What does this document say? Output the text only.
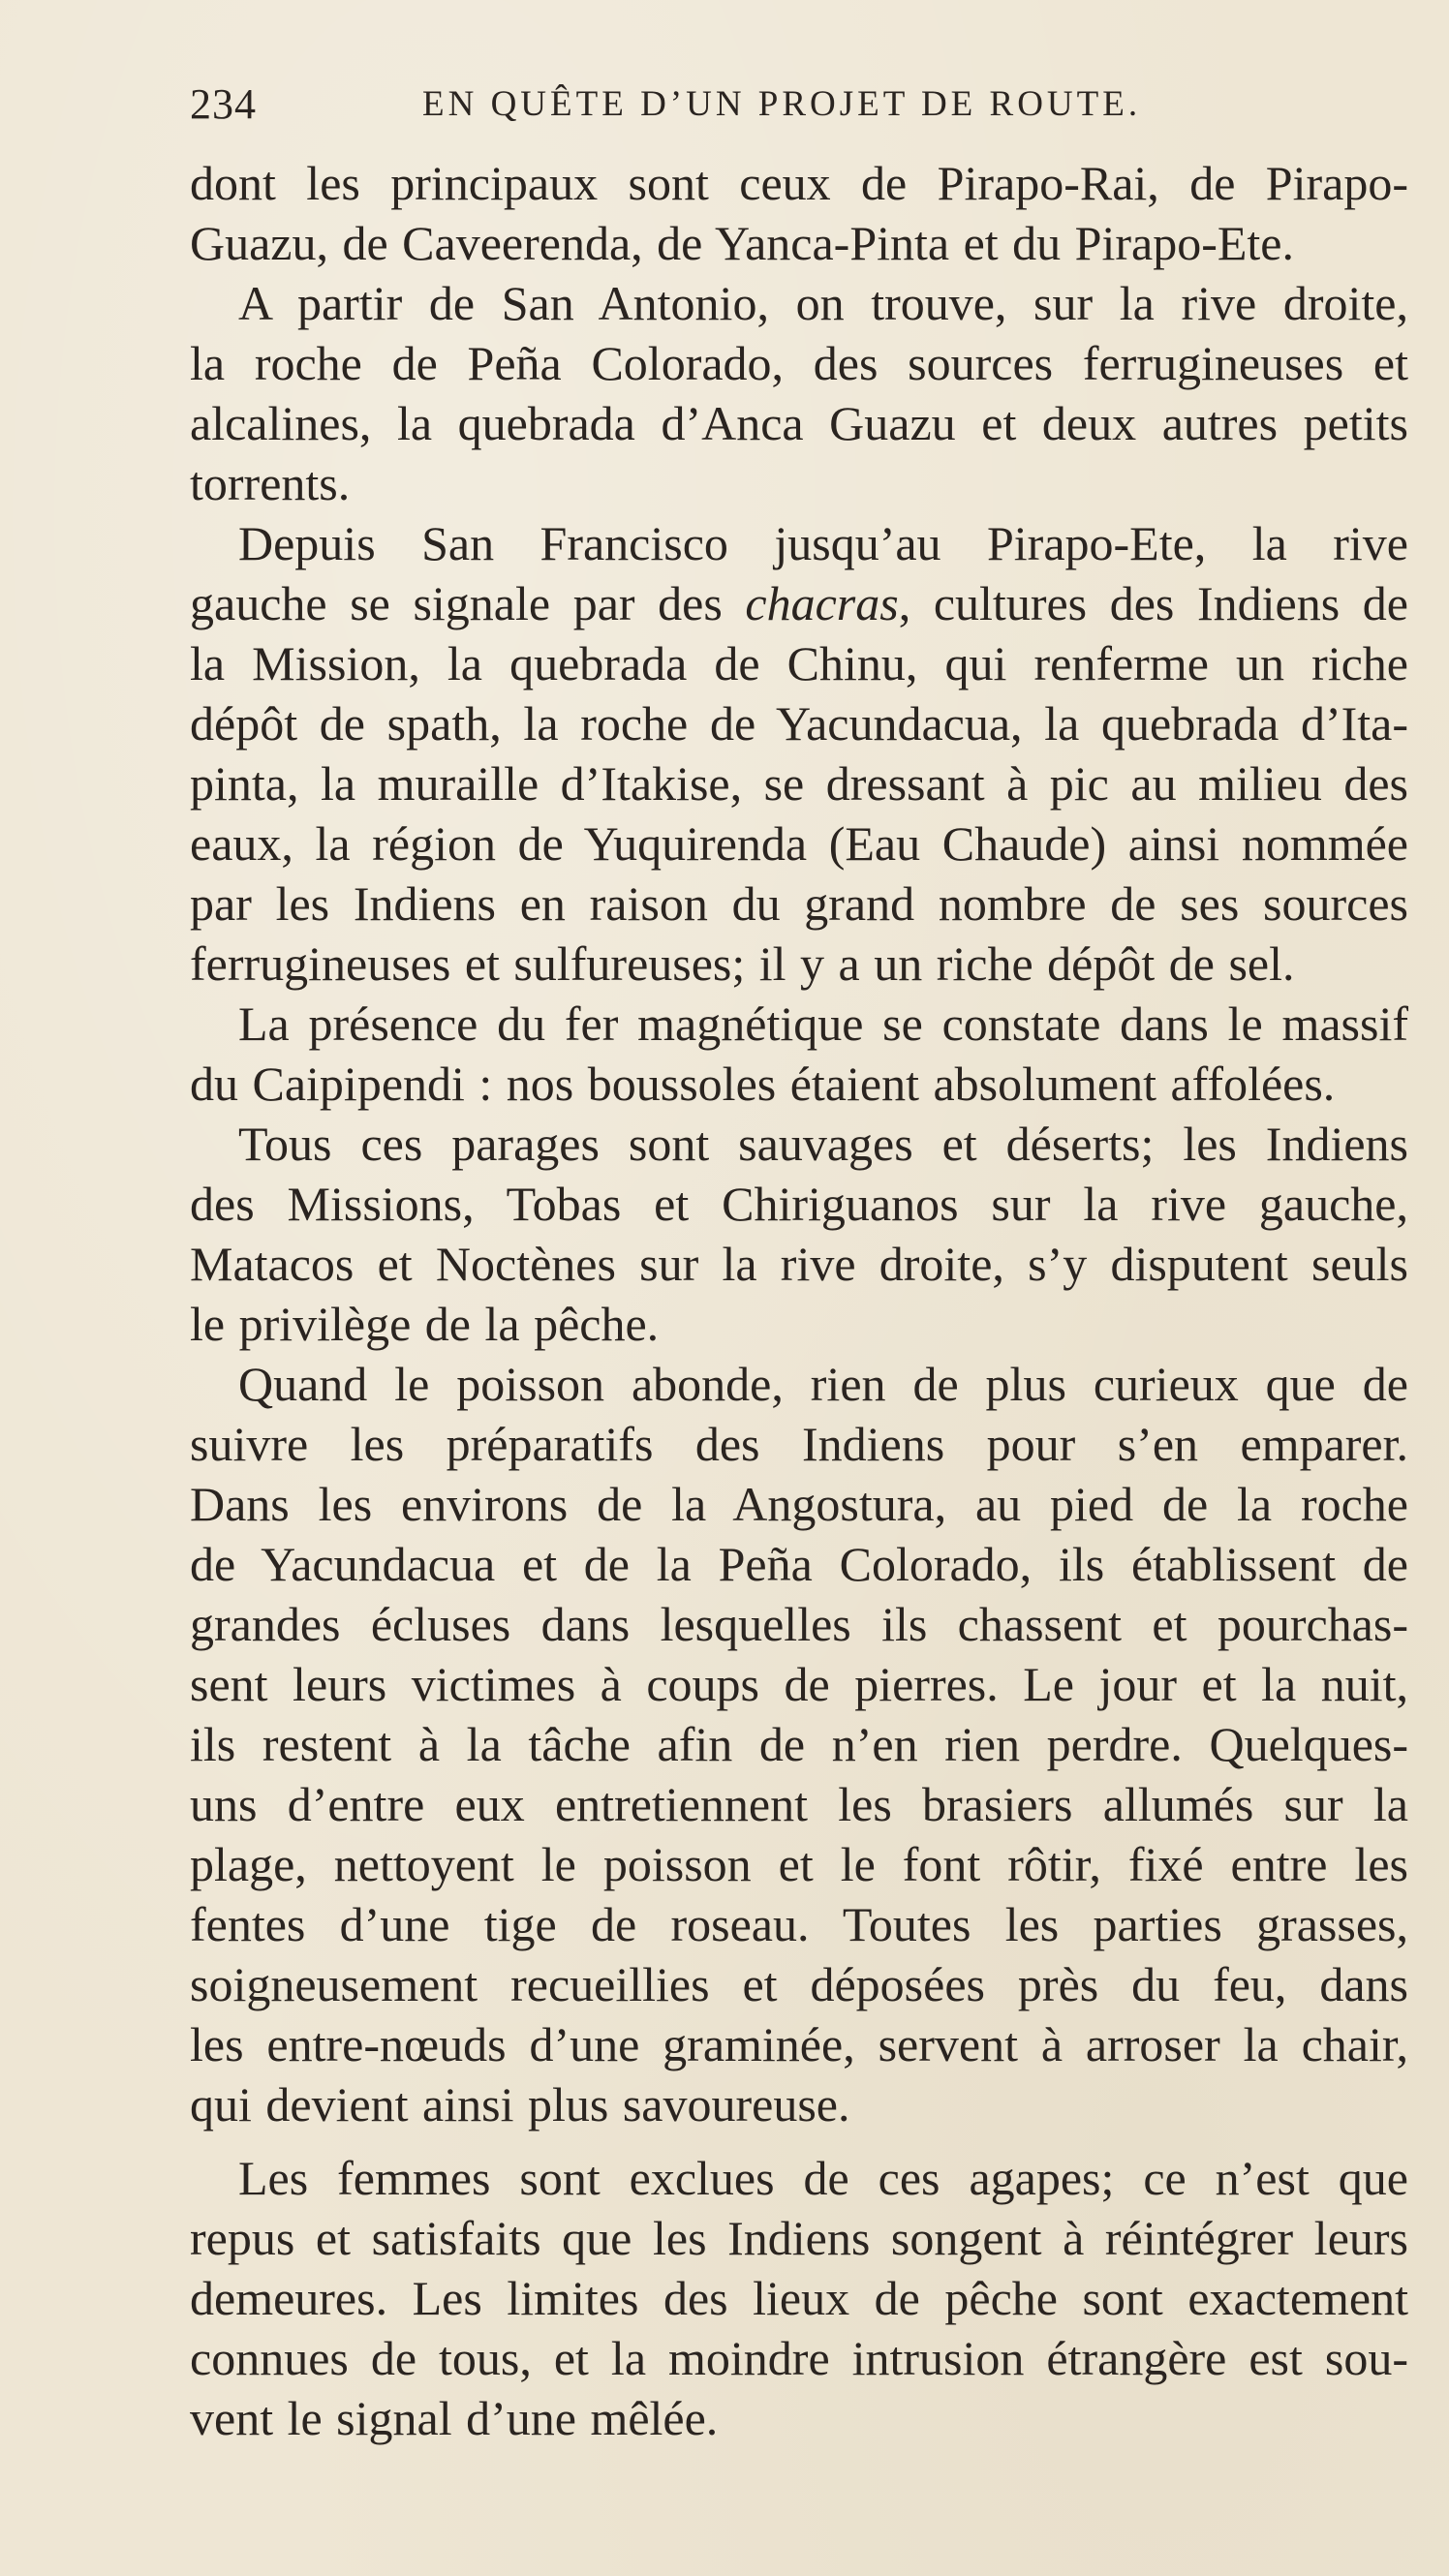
234	EN QUÊTE D’UN PROJET DE ROUTE.
dont les principaux sont ceux de Pirapo-Rai, de Pirapo-
Guazu, de Caveerenda, de Yanca-Pinta et du Pirapo-Ete.
A partir de San Antonio, on trouve, sur la rive droite,
la roche de Peña Colorado, des sources ferrugineuses et
alcalines, la quebrada d’Anca Guazu et deux autres petits
torrents.
Depuis San Francisco jusqu’au Pirapo-Ete, la rive
gauche se signale par des chacras, cultures des Indiens de
la Mission, la quebrada de Chinu, qui renferme un riche
dépôt de spath, la roche de Yacundacua, la quebrada d’Ita-
pinta, la muraille d’Itakise, se dressant à pic au milieu des
eaux, la région de Yuquirenda (Eau Chaude) ainsi nommée
par les Indiens en raison du grand nombre de ses sources
ferrugineuses et sulfureuses; il y a un riche dépôt de sel.
La présence du fer magnétique se constate dans le massif
du Caipipendi : nos boussoles étaient absolument affolées.
Tous ces parages sont sauvages et déserts; les Indiens
des Missions, Tobas et Chiriguanos sur la rive gauche,
Matacos et Noctènes sur la rive droite, s’y disputent seuls
le privilège de la pêche.
Quand le poisson abonde, rien de plus curieux que de
suivre les préparatifs des Indiens pour s’en emparer.
Dans les environs de la Angostura, au pied de la roche
de Yacundacua et de la Peña Colorado, ils établissent de
grandes écluses dans lesquelles ils chassent et pourchas-
sent leurs victimes à coups de pierres. Le jour et la nuit,
ils restent à la tâche afin de n’en rien perdre. Quelques-
uns d’entre eux entretiennent les brasiers allumés sur la
plage, nettoyent le poisson et le font rôtir, fixé entre les
fentes d’une tige de roseau. Toutes les parties grasses,
soigneusement recueillies et déposées près du feu, dans
les entre-nœuds d’une graminée, servent à arroser la chair,
qui devient ainsi plus savoureuse.
Les femmes sont exclues de ces agapes; ce n’est que
repus et satisfaits que les Indiens songent à réintégrer leurs
demeures. Les limites des lieux de pêche sont exactement
connues de tous, et la moindre intrusion étrangère est sou-
vent le signal d’une mêlée.
